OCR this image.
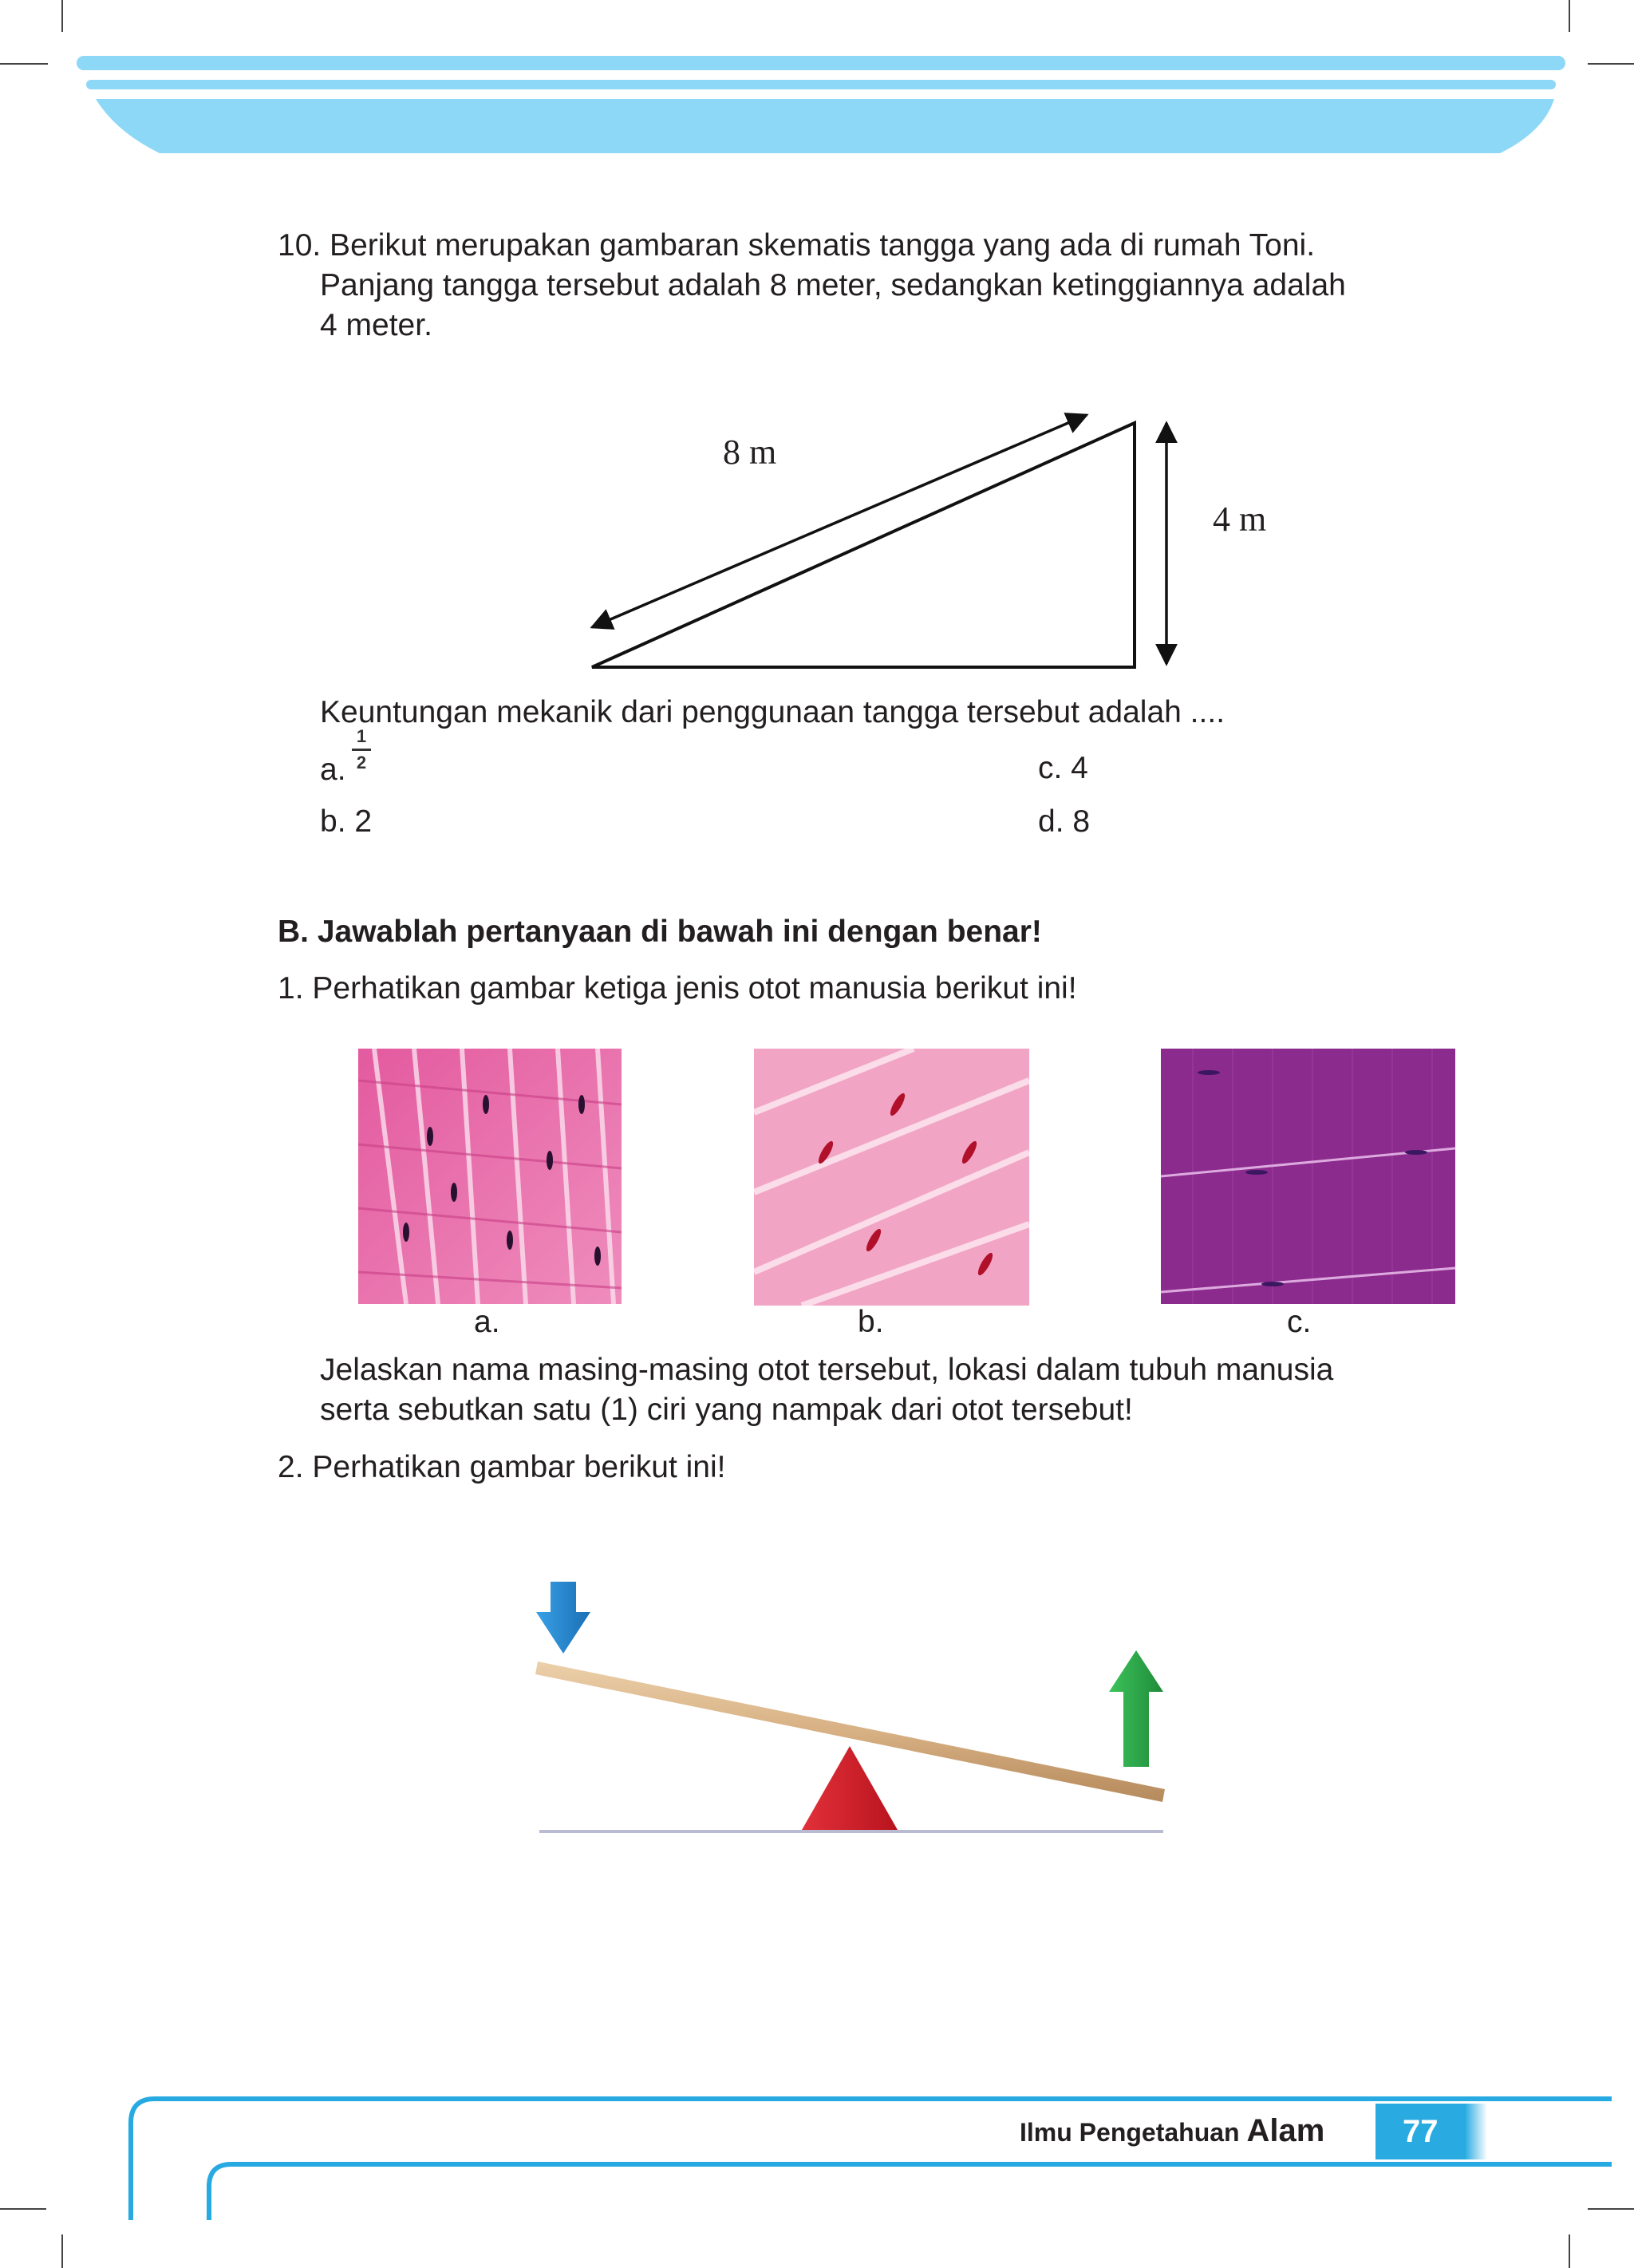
10. Berikut merupakan gambaran skematis tangga yang ada di rumah Toni.
Panjang tangga tersebut adalah 8 meter, sedangkan ketinggiannya adalah
4 meter.
8 m
4 m
Keuntungan mekanik dari penggunaan tangga tersebut adalah ....
a.
1
2
b. 2
c. 4
d. 8
B. Jawablah pertanyaan di bawah ini dengan benar!
1. Perhatikan gambar ketiga jenis otot manusia berikut ini!
a.	b.	c.
Jelaskan nama masing-masing otot tersebut, lokasi dalam tubuh manusia
serta sebutkan satu (1) ciri yang nampak dari otot tersebut!
2. Perhatikan gambar berikut ini!
Ilmu Pengetahuan Alam 77
